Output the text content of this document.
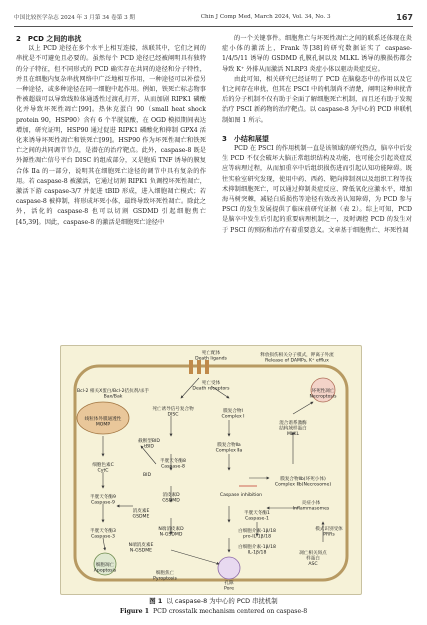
中国比较医学杂志 2024 年 3 月第 34 卷第 3 期	Chin J Comp Med, March 2024, Vol. 34, No. 3	167

2　PCD 之间的串扰

以上 PCD 途径在多个水平上相互连接，纵联其中，它们之间的串扰是不可避免且必要的。虽然每个 PCD 途径已经被阐明具有独特的分子特征，但不同形式的 PCD 确实存在共同的途径和分子特性，并且在细胞内复杂串扰网络中广泛地相互作用，一种途径可以补偿另一种途径，或多种途径在同一细胞中起作用。例如，铁死亡标志物事件被超载可以导致线粒体通透性过渡孔打开，从而加剧 RIPK1 磷酸化并导致坏死性凋亡[99]。热休克蛋白 90（small heat shock protein 90，HSP90）含有 6 个半胱氨酸，在 OGD 模拟期间表达增加，研究证明，HSP90 通过促进 RIPK1 磷酸化和抑制 GPX4 活化来诱导坏死性凋亡和铁死亡[99]。HSP90 作为坏死性凋亡和铁死亡之间的共同调节节点，是潜在的治疗靶点。此外，caspase-8 既是外源性凋亡信号平台 DISC 的组成部分，又是胞质 TNF 诱导的膜复合体 Ⅱa 的一部分，说明其在细胞死亡途径的调节中具有复杂的作用。若 caspase-8 被激活，它通过切割 RIPK1 负调控坏死性凋亡，激活下游 caspase-3/7 并促进 tBID 形成，进入细胞凋亡模式；若 caspase-8 被抑制，将形成坏死小体，最终导致坏死性凋亡。除此之外，活化的 caspase-8 也可以切割 GSDMD 引起细胞焦亡[45,39]。因此，caspase-8 的激活是细胞死亡途径中

的一个关键事件。细胞焦亡与坏死性凋亡之间的联系还体现在炎症小体的激活上，Frank 等[38]的研究数据证实了 caspase-1/4/5/11 诱导的 GSDMD 孔膜孔洞以及 MLKL 诱导的膜损伤都会导致 K⁺ 外排从而激活 NLRP3 炎症小体以驱动炎症反应。

由此可知，相关研究已经证明了 PCD 在脑稳态中的作用以及它们之间存在串扰，但其在 PSCI 中的机制尚不清楚，阐明这种串扰背后的分子机制不仅有助于全面了解细胞死亡机制，而且还有助于发现治疗 PSCI 新药物的治疗靶点。以 caspase-8 为中心的 PCD 串联机制如图 1 所示。

3　小结和展望

PCD 在 PSCI 的作用机制一直是该领域的研究热点，脑卒中后发生 PCD 不仅会破坏大脑正常组织结构及功能，也可能会引起炎症反应等病理过程，从而加重卒中后组织损伤进而引起认知功能障碍。既往实验室研究发现，使用中药、西药、靶向抑制剂以及组织工程等技术抑制细胞死亡，可以通过抑制炎症反应、降低氧化应激水平，增加海马树突棘，减轻白质损伤等途径有效改善认知障碍，为 PCD 参与 PSCI 的发生发展提供了临床前研究证据（表 2）。综上可知，PCD 是脑卒中发生后引起的重要病理机制之一，及时调控 PCD 的发生对于 PSCI 的预防和治疗有着重要意义。文章基于细胞焦亡、坏死性凋

死亡配体 Death ligands
死亡受体 Death receptors
Bcl-2 相关X蛋白/Bcl-2拮抗剂/杀手 Bax/Bak
线粒体外膜通透性 MOMP
细胞色素C CytC
半胱天冬酶9 Caspase-9
半胱天冬酶3 Caspase-3
细胞凋亡 Apoptosis
截断型BID tBID
BID
死亡诱导信号复合物 DISC
半胱天冬酶8 Caspase-8
膜复合物Ⅰ Complex Ⅰ
膜复合物Ⅱa Complex Ⅱa
Caspase inhibition
膜复合物Ⅱb(坏死小体) Complex Ⅱb(Necrosome)
消皮素D GSDMD
消皮素E GSDME
N端消皮素D N-GSDMD
N端消皮素E N-GSDME
孔隙 Pore
细胞焦亡 Pyroptosis
半胱天冬酶1 Caspase-1
白细胞介素-1β/18 pro-IL-1β/18
白细胞介素-1β/18 IL-1β/18
炎症小体 Inflammasomes
混合谱系激酶结构域样蛋白 MLKL
坏死性凋亡 Necroptosis
释放损伤相关分子模式，钾离子外流 Release of DAMPs, K⁺ efflux
模式识别受体 PRRs
凋亡相关斑点样蛋白 ASC
图 1 以 caspase-8 为中心的 PCD 串扰机制
Figure 1 PCD crosstalk mechanism centered on caspase-8
